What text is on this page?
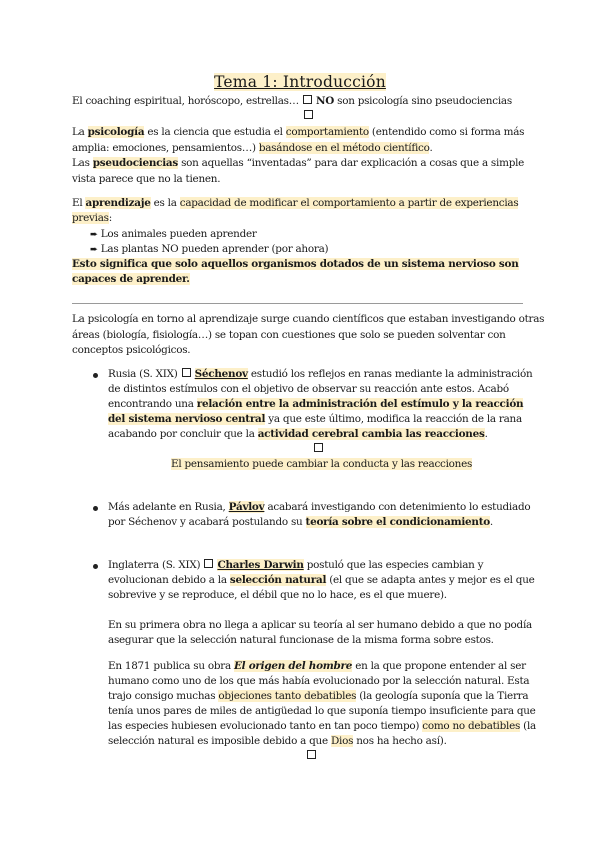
Tema 1: Introducción
El coaching espiritual, horóscopo, estrellas…  NO son psicología sino pseudociencias
La psicología es la ciencia que estudia el comportamiento (entendido como si forma más
amplia: emociones, pensamientos…) basándose en el método científico.
Las pseudociencias son aquellas “inventadas” para dar explicación a cosas que a simple
vista parece que no la tienen.
El aprendizaje es la capacidad de modificar el comportamiento a partir de experiencias
previas:
➨ Los animales pueden aprender
➨ Las plantas NO pueden aprender (por ahora)
Esto significa que solo aquellos organismos dotados de un sistema nervioso son
capaces de aprender.
La psicología en torno al aprendizaje surge cuando científicos que estaban investigando otras
áreas (biología, fisiología…) se topan con cuestiones que solo se pueden solventar con
conceptos psicológicos.
Rusia (S. XIX)  Séchenov estudió los reflejos en ranas mediante la administración
de distintos estímulos con el objetivo de observar su reacción ante estos. Acabó
encontrando una relación entre la administración del estímulo y la reacción
del sistema nervioso central ya que este último, modifica la reacción de la rana
acabando por concluir que la actividad cerebral cambia las reacciones.
El pensamiento puede cambiar la conducta y las reacciones
Más adelante en Rusia, Pávlov acabará investigando con detenimiento lo estudiado
por Séchenov y acabará postulando su teoría sobre el condicionamiento.
Inglaterra (S. XIX)  Charles Darwin postuló que las especies cambian y
evolucionan debido a la selección natural (el que se adapta antes y mejor es el que
sobrevive y se reproduce, el débil que no lo hace, es el que muere).
En su primera obra no llega a aplicar su teoría al ser humano debido a que no podía
asegurar que la selección natural funcionase de la misma forma sobre estos.
En 1871 publica su obra El origen del hombre en la que propone entender al ser
humano como uno de los que más había evolucionado por la selección natural. Esta
trajo consigo muchas objeciones tanto debatibles (la geología suponía que la Tierra
tenía unos pares de miles de antigüedad lo que suponía tiempo insuficiente para que
las especies hubiesen evolucionado tanto en tan poco tiempo) como no debatibles (la
selección natural es imposible debido a que Dios nos ha hecho así).
